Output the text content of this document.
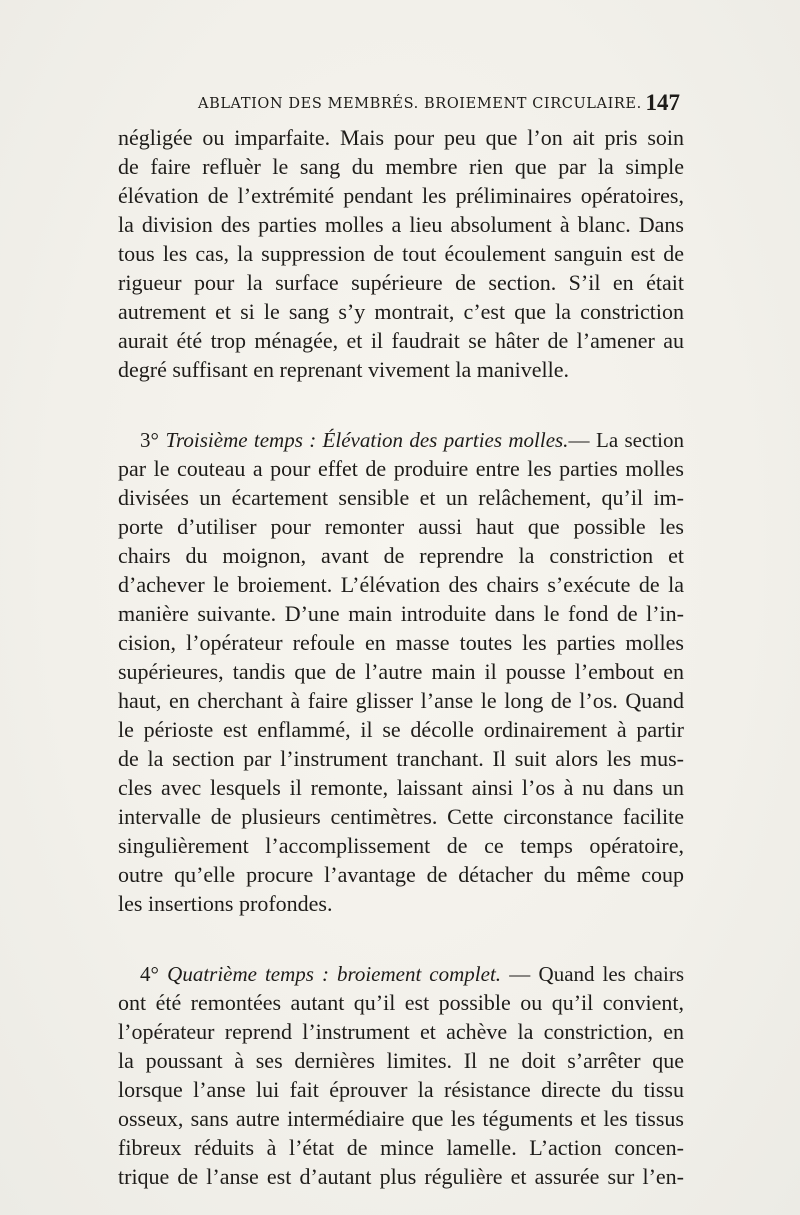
ABLATION DES MEMBRÉS. BROIEMENT CIRCULAIRE. 147
négligée ou imparfaite. Mais pour peu que l’on ait pris soin
de faire refluèr le sang du membre rien que par la simple
élévation de l’extrémité pendant les préliminaires opératoires,
la division des parties molles a lieu absolument à blanc. Dans
tous les cas, la suppression de tout écoulement sanguin est de
rigueur pour la surface supérieure de section. S’il en était
autrement et si le sang s’y montrait, c’est que la constriction
aurait été trop ménagée, et il faudrait se hâter de l’amener au
degré suffisant en reprenant vivement la manivelle.
3° Troisième temps : Élévation des parties molles.— La section
par le couteau a pour effet de produire entre les parties molles
divisées un écartement sensible et un relâchement, qu’il im-
porte d’utiliser pour remonter aussi haut que possible les
chairs du moignon, avant de reprendre la constriction et
d’achever le broiement. L’élévation des chairs s’exécute de la
manière suivante. D’une main introduite dans le fond de l’in-
cision, l’opérateur refoule en masse toutes les parties molles
supérieures, tandis que de l’autre main il pousse l’embout en
haut, en cherchant à faire glisser l’anse le long de l’os. Quand
le périoste est enflammé, il se décolle ordinairement à partir
de la section par l’instrument tranchant. Il suit alors les mus-
cles avec lesquels il remonte, laissant ainsi l’os à nu dans un
intervalle de plusieurs centimètres. Cette circonstance facilite
singulièrement l’accomplissement de ce temps opératoire,
outre qu’elle procure l’avantage de détacher du même coup
les insertions profondes.
4° Quatrième temps : broiement complet. — Quand les chairs
ont été remontées autant qu’il est possible ou qu’il convient,
l’opérateur reprend l’instrument et achève la constriction, en
la poussant à ses dernières limites. Il ne doit s’arrêter que
lorsque l’anse lui fait éprouver la résistance directe du tissu
osseux, sans autre intermédiaire que les téguments et les tissus
fibreux réduits à l’état de mince lamelle. L’action concen-
trique de l’anse est d’autant plus régulière et assurée sur l’en-
